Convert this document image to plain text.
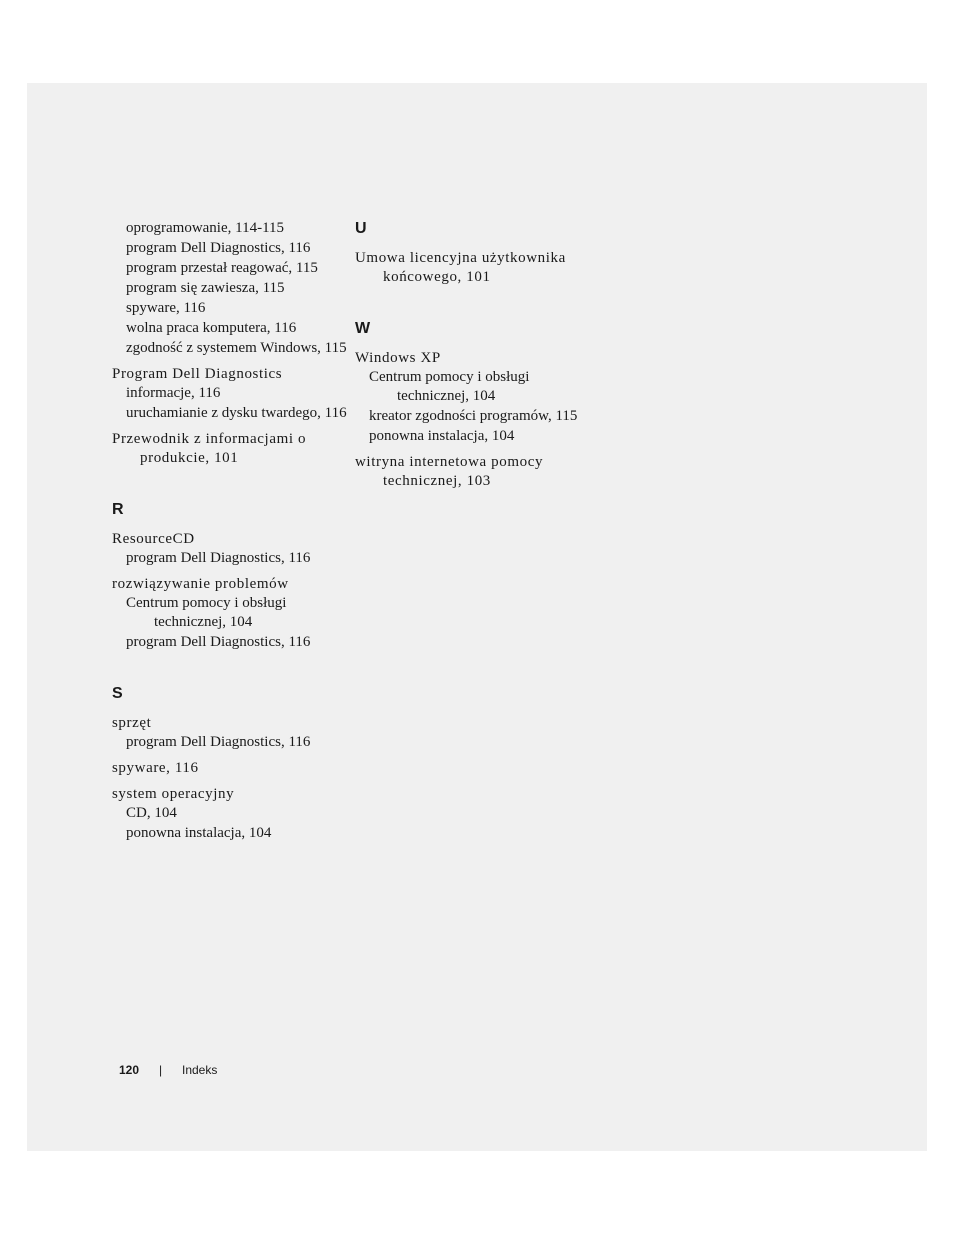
oprogramowanie, 114-115
program Dell Diagnostics, 116
program przestał reagować, 115
program się zawiesza, 115
spyware, 116
wolna praca komputera, 116
zgodność z systemem Windows, 115
Program Dell Diagnostics
informacje, 116
uruchamianie z dysku twardego, 116
Przewodnik z informacjami o produkcie, 101
R
ResourceCD
program Dell Diagnostics, 116
rozwiązywanie problemów
Centrum pomocy i obsługi technicznej, 104
program Dell Diagnostics, 116
S
sprzęt
program Dell Diagnostics, 116
spyware, 116
system operacyjny
CD, 104
ponowna instalacja, 104
U
Umowa licencyjna użytkownika końcowego, 101
W
Windows XP
Centrum pomocy i obsługi technicznej, 104
kreator zgodności programów, 115
ponowna instalacja, 104
witryna internetowa pomocy technicznej, 103
120 | Indeks
